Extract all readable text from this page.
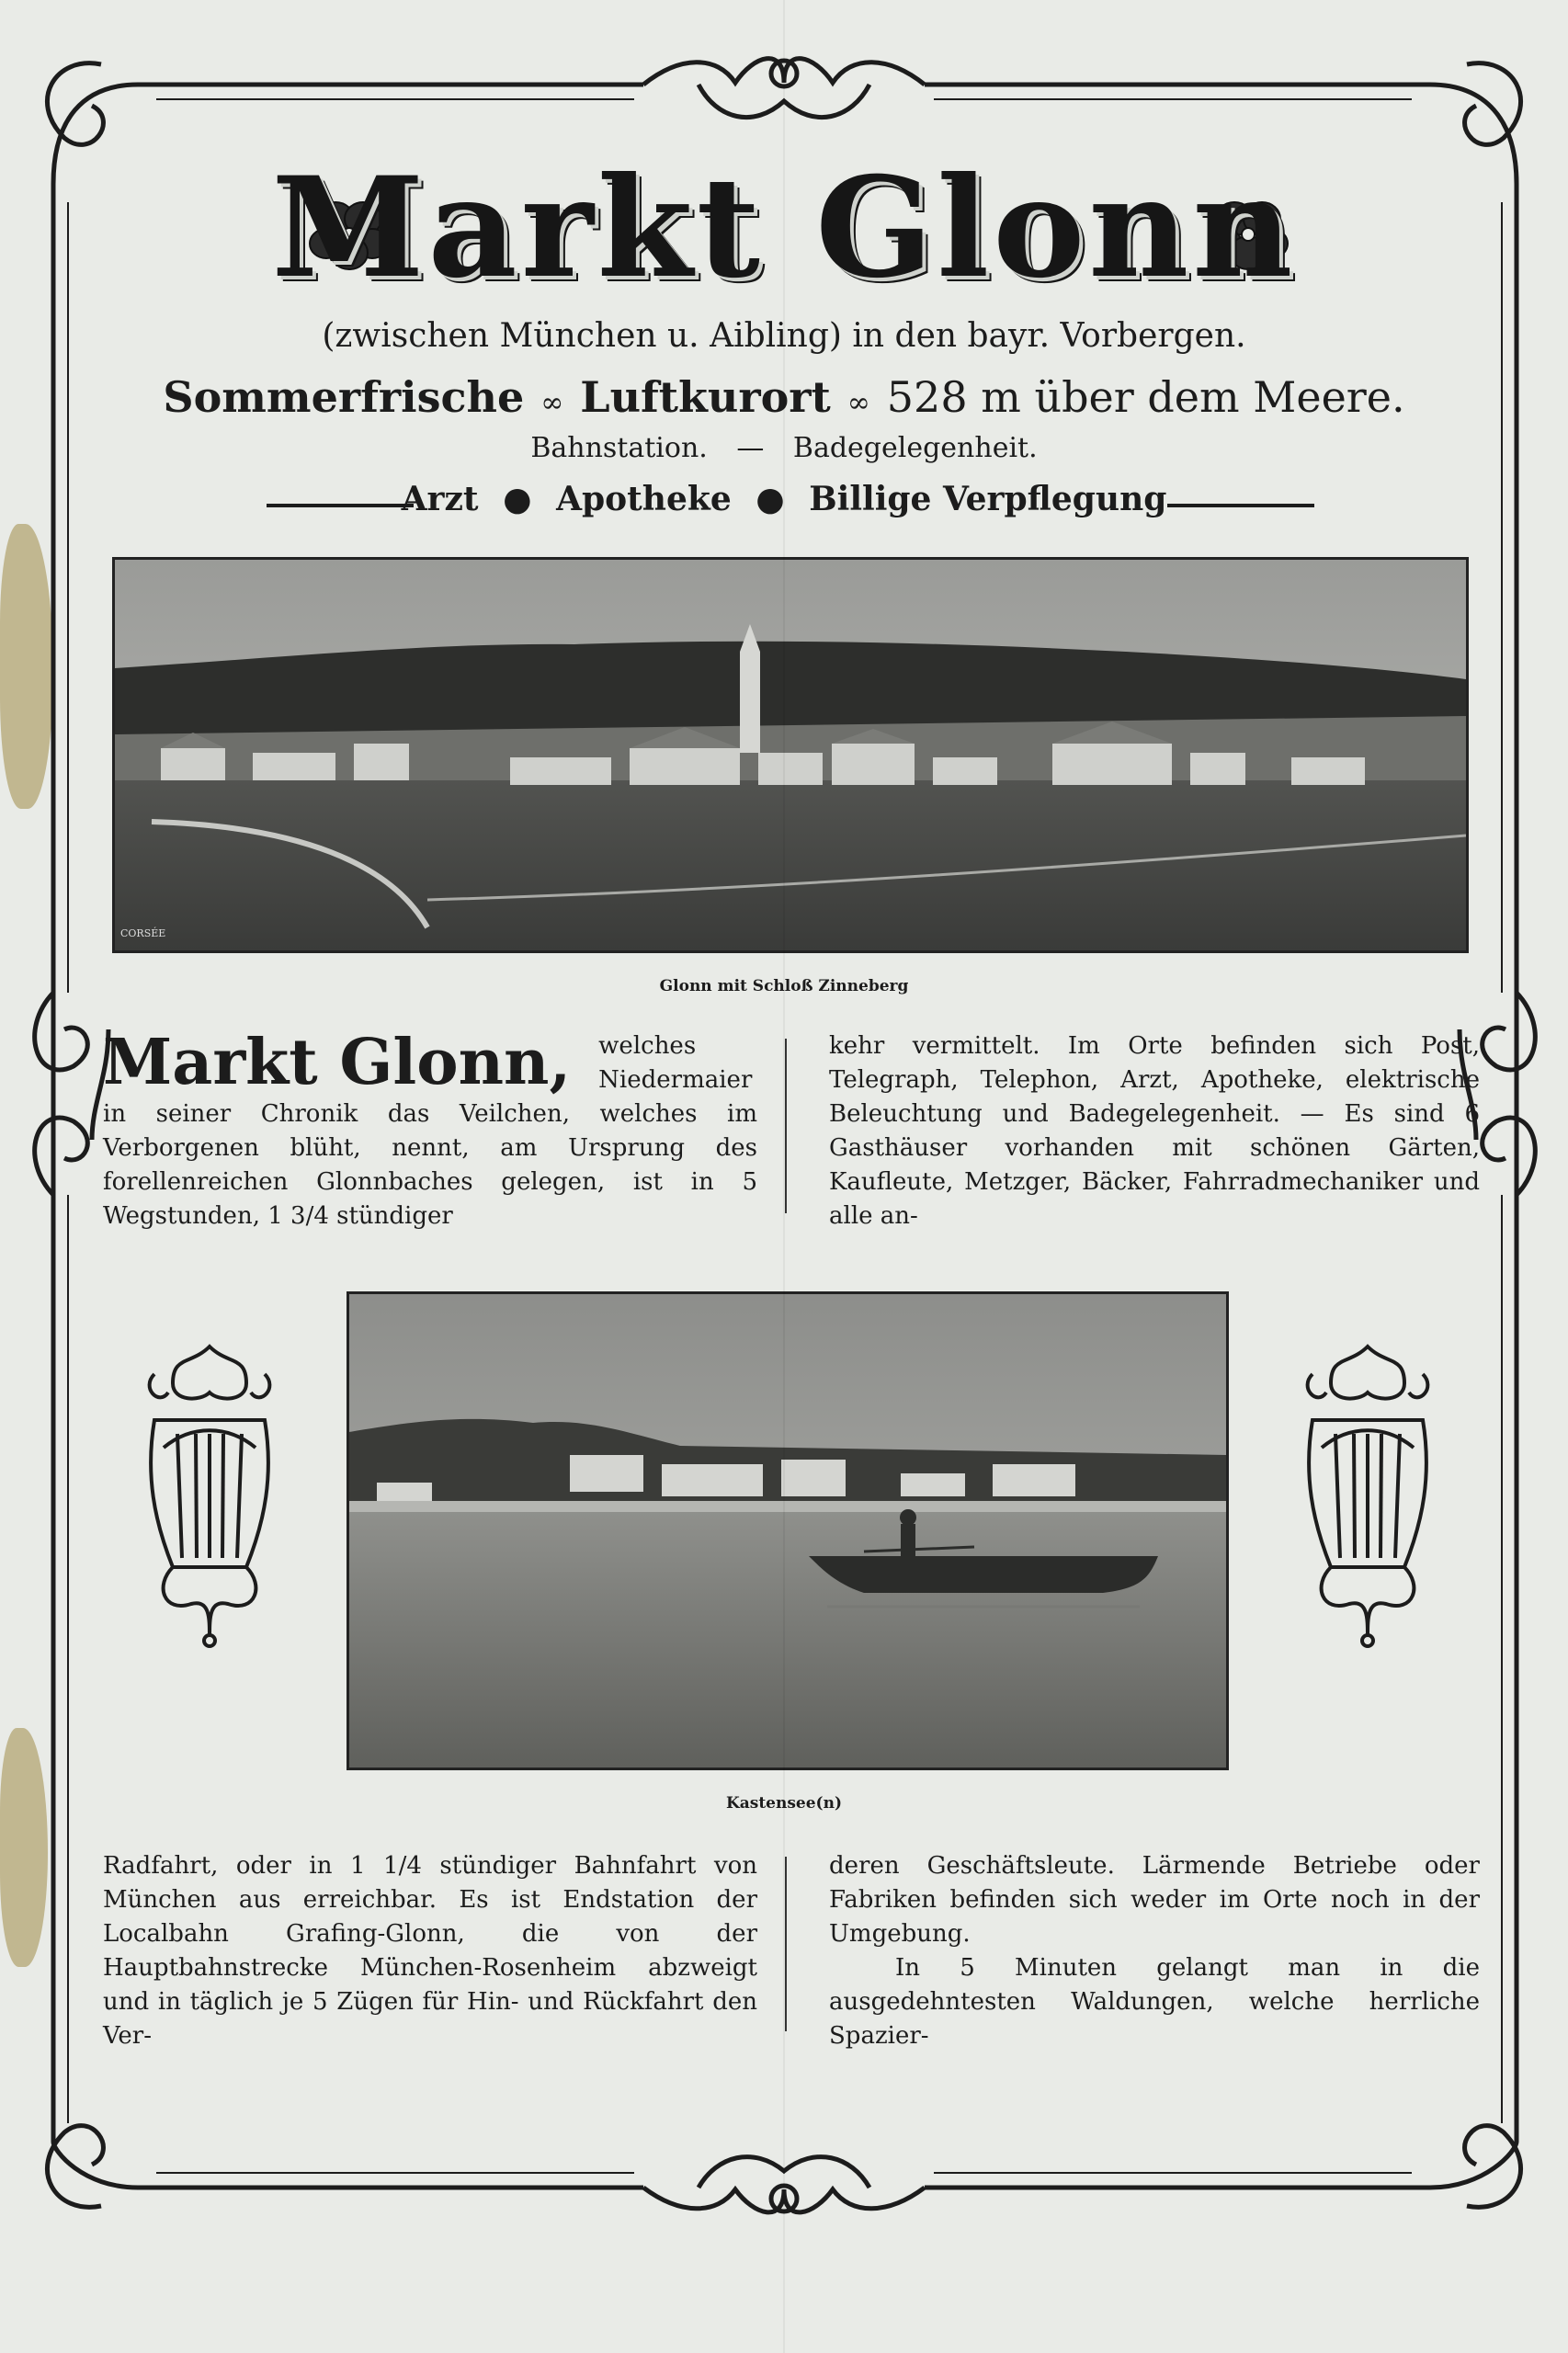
Markt Glonn
(zwischen München u. Aibling) in den bayr. Vorbergen.
Sommerfrische ∞ Luftkurort ∞ 528 m über dem Meere.
Bahnstation. — Badegelegenheit.
Arzt ● Apotheke ● Billige Verpflegung
CORSÉE
Glonn mit Schloß Zinneberg
Markt Glonn,	welches Niedermaier in seiner Chronik das Veilchen, welches im Verborgenen blüht, nennt, am Ursprung des forellenreichen Glonnbaches gelegen, ist in 5 Wegstunden, 1 3/4 stündiger

kehr vermittelt. Im Orte befinden sich Post, Telegraph, Telephon, Arzt, Apotheke, elektrische Beleuchtung und Badegelegenheit. — Es sind 6 Gasthäuser vorhanden mit schönen Gärten, Kaufleute, Metzger, Bäcker, Fahrradmechaniker und alle an-

Kastensee(n)

Radfahrt, oder in 1 1/4 stündiger Bahnfahrt von München aus erreichbar. Es ist Endstation der Localbahn Grafing-Glonn, die von der Hauptbahnstrecke München-Rosenheim abzweigt und in täglich je 5 Zügen für Hin- und Rückfahrt den Ver-

deren Geschäftsleute. Lärmende Betriebe oder Fabriken befinden sich weder im Orte noch in der Umgebung.

In 5 Minuten gelangt man in die ausgedehntesten Waldungen, welche herrliche Spazier-
